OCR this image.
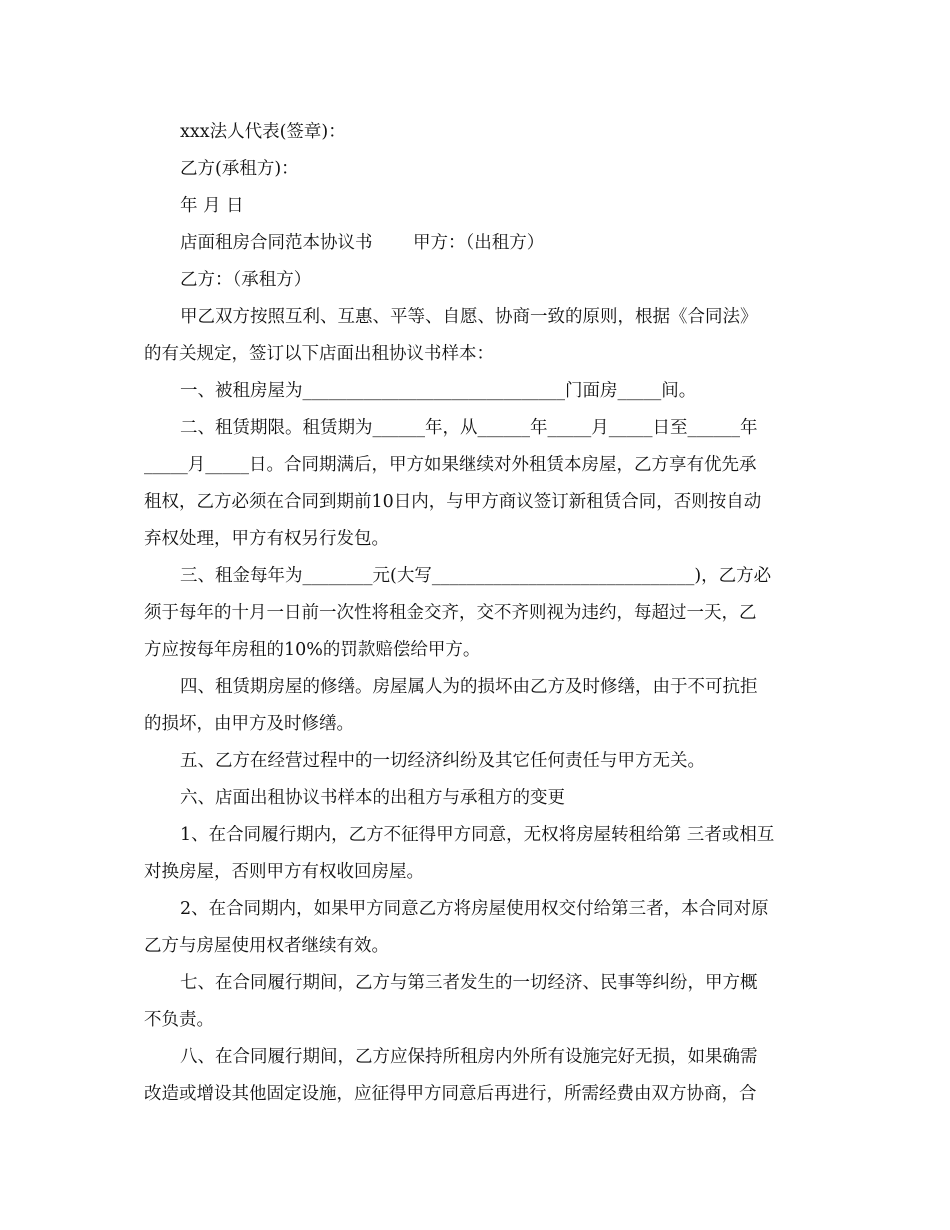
xxx法人代表(签章)：
乙方(承租方)：
年 月 日
店面租房合同范本协议书　　 甲方：（出租方）
乙方：（承租方）
甲乙双方按照互利、互惠、平等、自愿、协商一致的原则，根据《合同法》
的有关规定，签订以下店面出租协议书样本：
一、被租房屋为______________________________门面房_____间。
二、租赁期限。租赁期为______年，从______年_____月_____日至______年
_____月_____日。合同期满后，甲方如果继续对外租赁本房屋，乙方享有优先承
租权，乙方必须在合同到期前10日内，与甲方商议签订新租赁合同，否则按自动
弃权处理，甲方有权另行发包。
三、租金每年为________元(大写______________________________)，乙方必
须于每年的十月一日前一次性将租金交齐，交不齐则视为违约，每超过一天，乙
方应按每年房租的10%的罚款赔偿给甲方。
四、租赁期房屋的修缮。房屋属人为的损坏由乙方及时修缮，由于不可抗拒
的损坏，由甲方及时修缮。
五、乙方在经营过程中的一切经济纠纷及其它任何责任与甲方无关。
六、店面出租协议书样本的出租方与承租方的变更
1、在合同履行期内，乙方不征得甲方同意，无权将房屋转租给第 三者或相互
对换房屋，否则甲方有权收回房屋。
2、在合同期内，如果甲方同意乙方将房屋使用权交付给第三者，本合同对原
乙方与房屋使用权者继续有效。
七、在合同履行期间，乙方与第三者发生的一切经济、民事等纠纷，甲方概
不负责。
八、在合同履行期间，乙方应保持所租房内外所有设施完好无损，如果确需
改造或增设其他固定设施，应征得甲方同意后再进行，所需经费由双方协商，合
